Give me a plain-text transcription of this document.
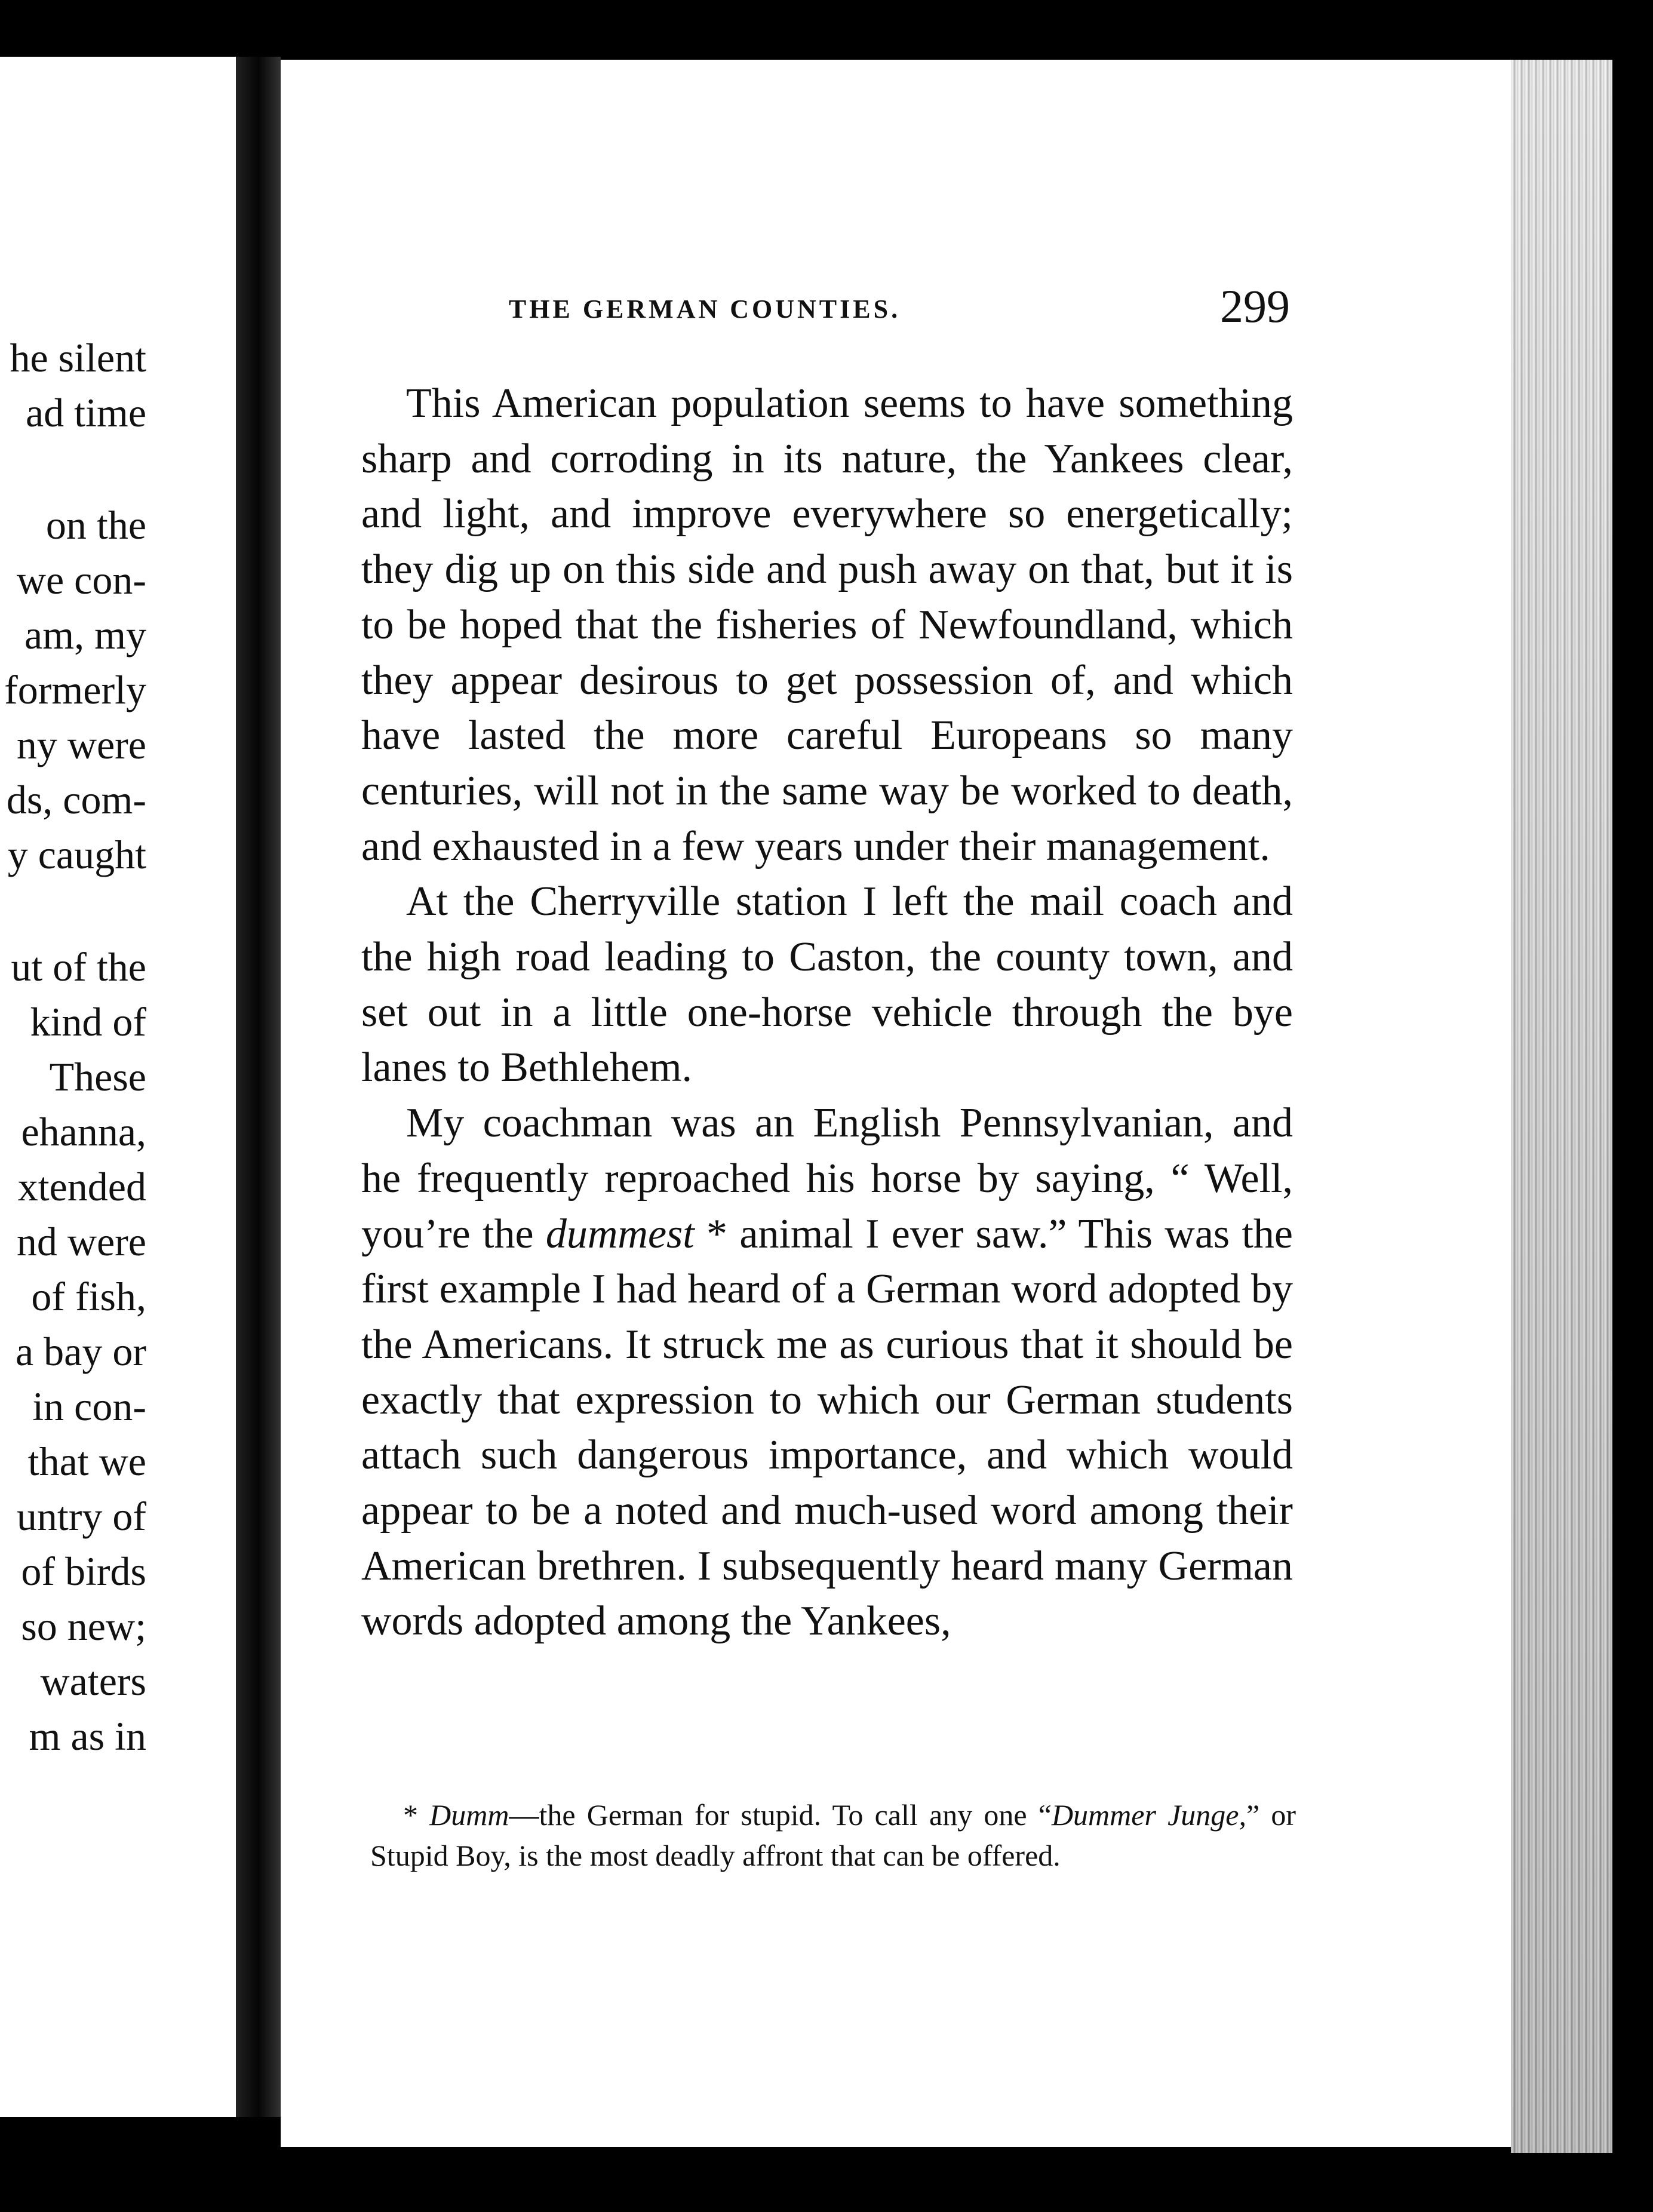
he silent
ad time
on the
we con-
am, my
formerly
ny were
ds, com-
y caught
ut of the
kind of
These
ehanna,
xtended
nd were
of fish,
a bay or
in con-
that we
untry of
of birds
so new;
waters
m as in
THE GERMAN COUNTIES.	299

This American population seems to have something sharp and corroding in its nature, the Yankees clear, and light, and improve everywhere so energetically; they dig up on this side and push away on that, but it is to be hoped that the fisheries of Newfoundland, which they appear desirous to get possession of, and which have lasted the more careful Europeans so many centuries, will not in the same way be worked to death, and exhausted in a few years under their management.

At the Cherryville station I left the mail coach and the high road leading to Caston, the county town, and set out in a little one-horse vehicle through the bye lanes to Bethlehem.

My coachman was an English Pennsylvanian, and he frequently reproached his horse by saying, “ Well, you’re the dummest * animal I ever saw.” This was the first example I had heard of a German word adopted by the Americans. It struck me as curious that it should be exactly that expression to which our German students attach such dangerous importance, and which would appear to be a noted and much-used word among their American brethren. I subsequently heard many German words adopted among the Yankees,

* Dumm—the German for stupid. To call any one “Dummer Junge,” or Stupid Boy, is the most deadly affront that can be offered.
